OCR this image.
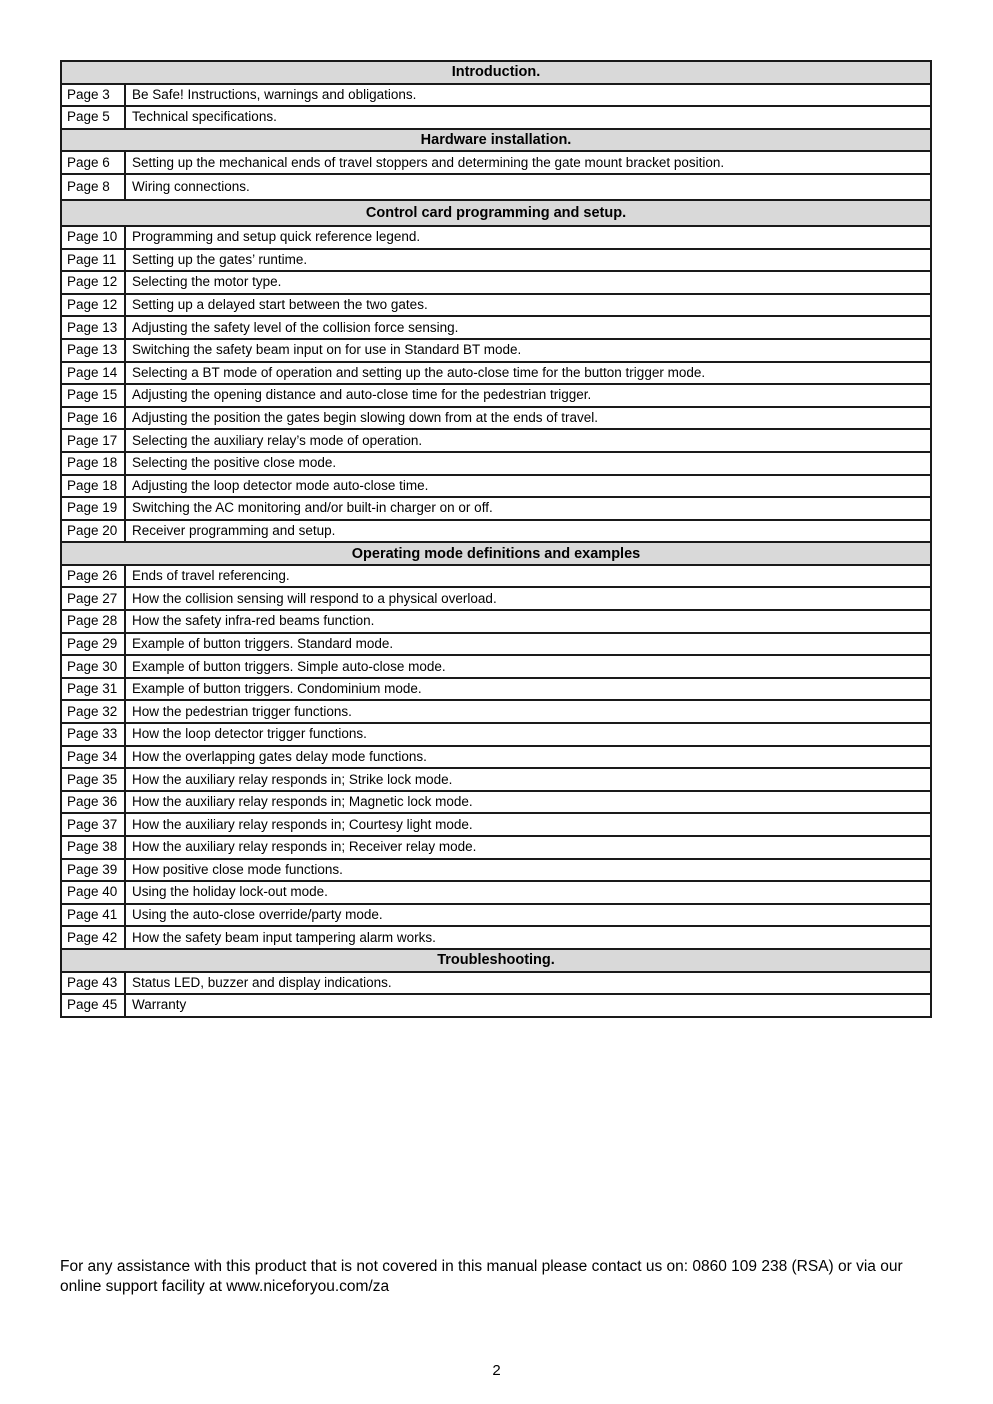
Introduction.	
Page 3	Be Safe! Instructions, warnings and obligations.
Page 5	Technical specifications.
Hardware installation.	
Page 6	Setting up the mechanical ends of travel stoppers and determining the gate mount bracket position.
Page 8	Wiring connections.
Control card programming and setup.	
Page 10	Programming and setup quick reference legend.
Page 11	Setting up the gates’ runtime.
Page 12	Selecting the motor type.
Page 12	Setting up a delayed start between the two gates.
Page 13	Adjusting the safety level of the collision force sensing.
Page 13	Switching the safety beam input on for use in Standard BT mode.
Page 14	Selecting a BT mode of operation and setting up the auto-close time for the button trigger mode.
Page 15	Adjusting the opening distance and auto-close time for the pedestrian trigger.
Page 16	Adjusting the position the gates begin slowing down from at the ends of travel.
Page 17	Selecting the auxiliary relay’s mode of operation.
Page 18	Selecting the positive close mode.
Page 18	Adjusting the loop detector mode auto-close time.
Page 19	Switching the AC monitoring and/or built-in charger on or off.
Page 20	Receiver programming and setup.
Operating mode definitions and examples	
Page 26	Ends of travel referencing.
Page 27	How the collision sensing will respond to a physical overload.
Page 28	How the safety infra-red beams function.
Page 29	Example of button triggers. Standard mode.
Page 30	Example of button triggers. Simple auto-close mode.
Page 31	Example of button triggers. Condominium mode.
Page 32	How the pedestrian trigger functions.
Page 33	How the loop detector trigger functions.
Page 34	How the overlapping gates delay mode functions.
Page 35	How the auxiliary relay responds in; Strike lock mode.
Page 36	How the auxiliary relay responds in; Magnetic lock mode.
Page 37	How the auxiliary relay responds in; Courtesy light mode.
Page 38	How the auxiliary relay responds in; Receiver relay mode.
Page 39	How positive close mode functions.
Page 40	Using the holiday lock-out mode.
Page 41	Using the auto-close override/party mode.
Page 42	How the safety beam input tampering alarm works.
Troubleshooting.	
Page 43	Status LED, buzzer and display indications.
Page 45	Warranty
For any assistance with this product that is not covered in this manual please contact us on: 0860 109 238 (RSA) or via our online support facility at www.niceforyou.com/za
2
